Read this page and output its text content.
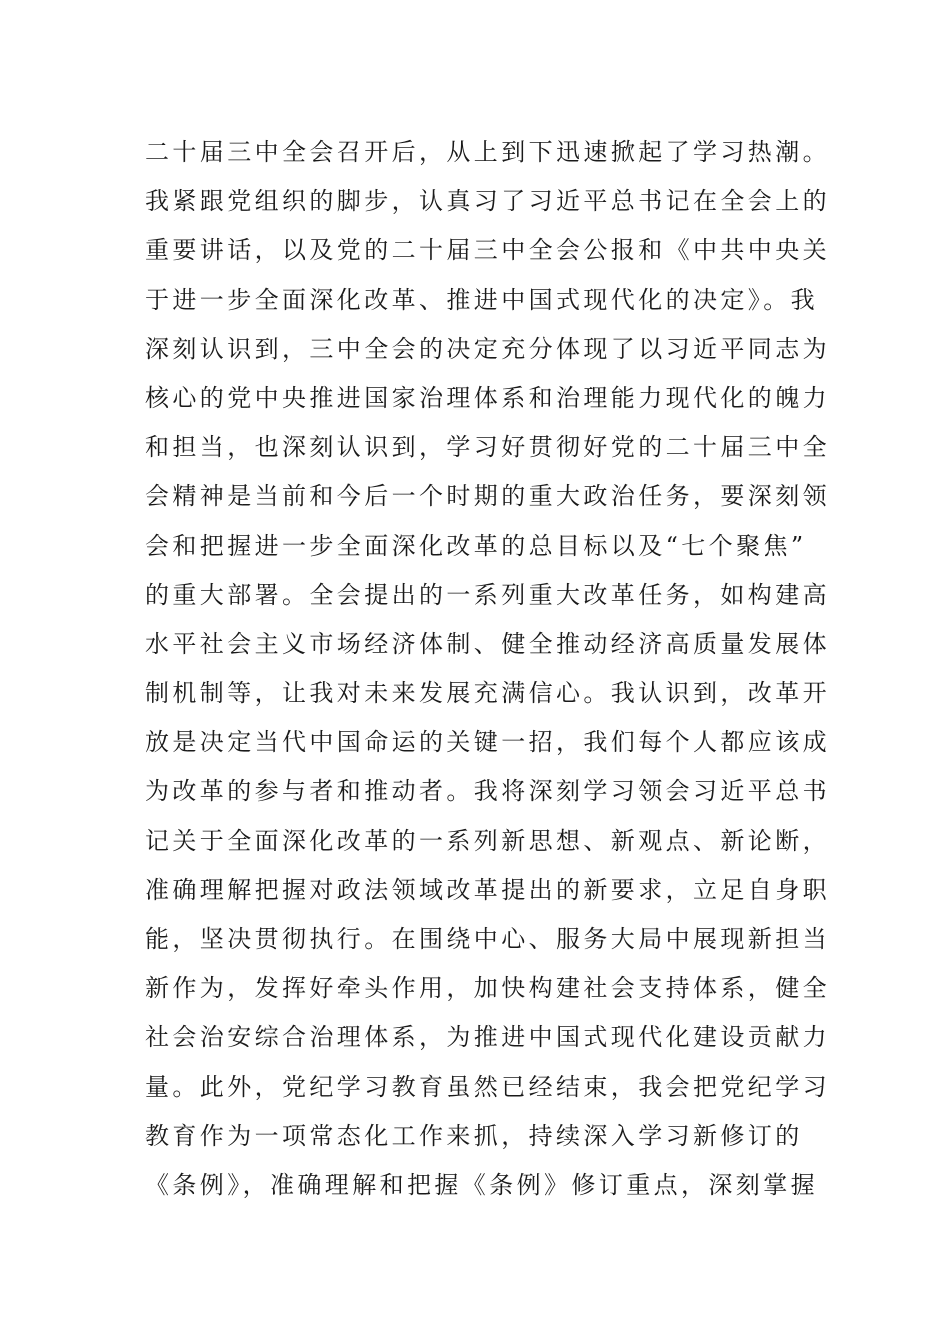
二十届三中全会召开后，从上到下迅速掀起了学习热潮。
我紧跟党组织的脚步，认真习了习近平总书记在全会上的
重要讲话，以及党的二十届三中全会公报和《中共中央关
于进一步全面深化改革、推进中国式现代化的决定》。我
深刻认识到，三中全会的决定充分体现了以习近平同志为
核心的党中央推进国家治理体系和治理能力现代化的魄力
和担当，也深刻认识到，学习好贯彻好党的二十届三中全
会精神是当前和今后一个时期的重大政治任务，要深刻领
会和把握进一步全面深化改革的总目标以及“七个聚焦”
的重大部署。全会提出的一系列重大改革任务，如构建高
水平社会主义市场经济体制、健全推动经济高质量发展体
制机制等，让我对未来发展充满信心。我认识到，改革开
放是决定当代中国命运的关键一招，我们每个人都应该成
为改革的参与者和推动者。我将深刻学习领会习近平总书
记关于全面深化改革的一系列新思想、新观点、新论断，
准确理解把握对政法领域改革提出的新要求，立足自身职
能，坚决贯彻执行。在围绕中心、服务大局中展现新担当
新作为，发挥好牵头作用，加快构建社会支持体系，健全
社会治安综合治理体系，为推进中国式现代化建设贡献力
量。此外，党纪学习教育虽然已经结束，我会把党纪学习
教育作为一项常态化工作来抓，持续深入学习新修订的
《条例》，准确理解和把握《条例》修订重点，深刻掌握
